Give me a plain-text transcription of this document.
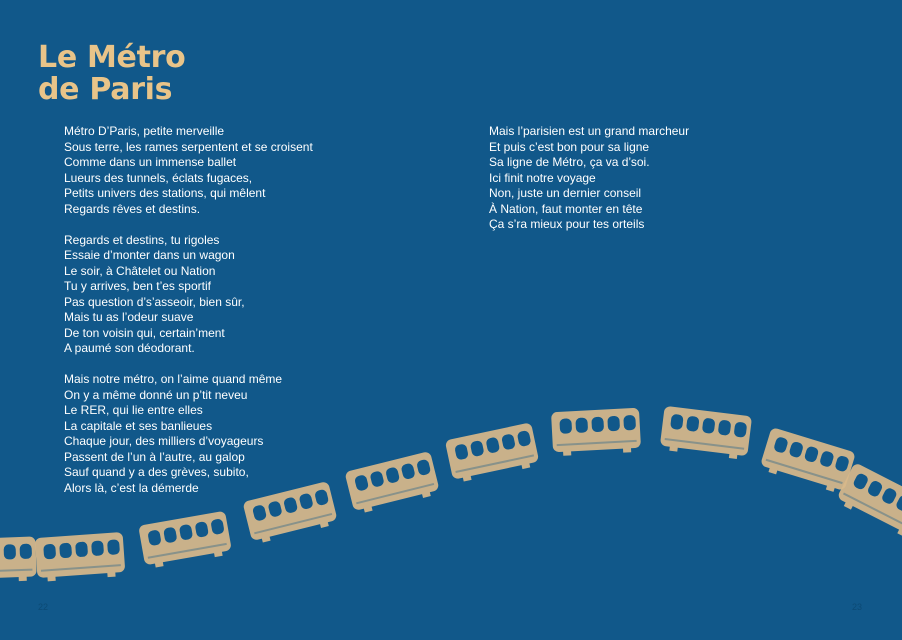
Le Métro
de Paris
Métro D’Paris, petite merveille
Sous terre, les rames serpentent et se croisent
Comme dans un immense ballet
Lueurs des tunnels, éclats fugaces,
Petits univers des stations, qui mêlent
Regards rêves et destins.
Regards et destins, tu rigoles
Essaie d’monter dans un wagon
Le soir, à Châtelet ou Nation
Tu y arrives, ben t’es sportif
Pas question d’s’asseoir, bien sûr,
Mais tu as l’odeur suave
De ton voisin qui, certain’ment
A paumé son déodorant.
Mais notre métro, on l’aime quand même
On y a même donné un p’tit neveu
Le RER, qui lie entre elles
La capitale et ses banlieues
Chaque jour, des milliers d’voyageurs
Passent de l’un à l’autre, au galop
Sauf quand y a des grèves, subito,
Alors là, c’est la démerde
Mais l’parisien est un grand marcheur
Et puis c’est bon pour sa ligne
Sa ligne de Métro, ça va d’soi.
Ici finit notre voyage
Non, juste un dernier conseil
À Nation, faut monter en tête
Ça s’ra mieux pour tes orteils
22	23
